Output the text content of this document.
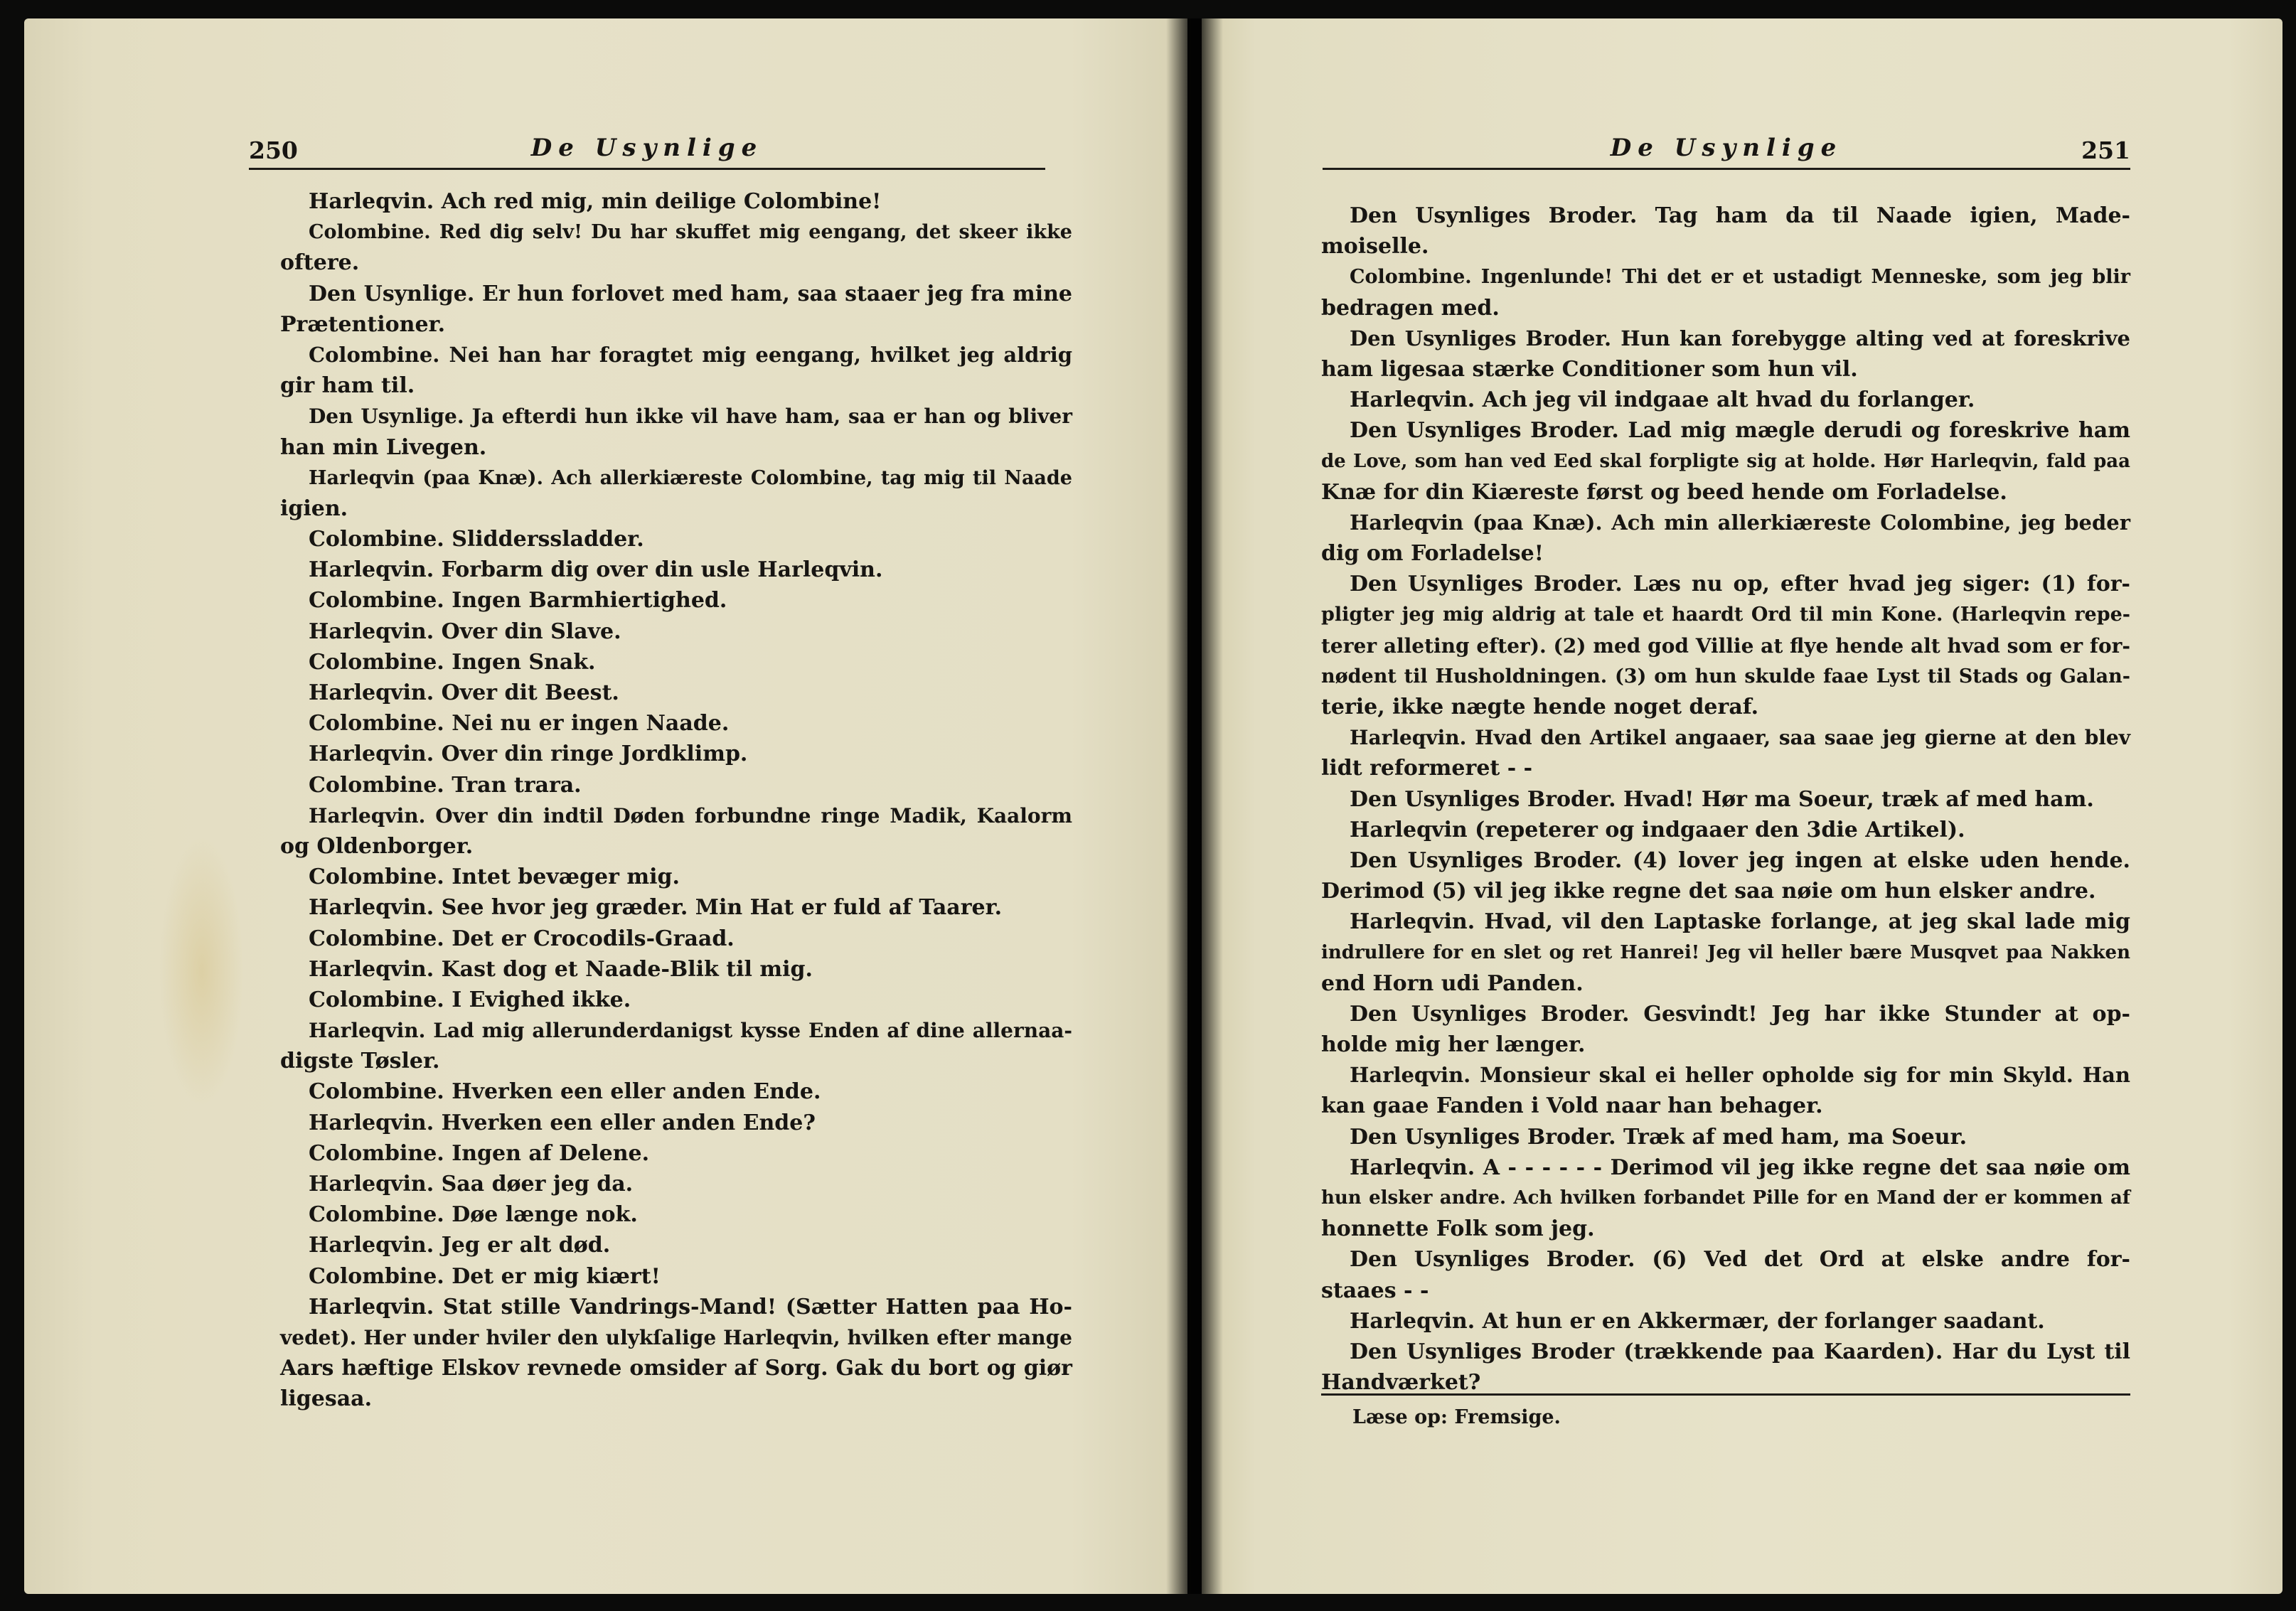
250	De Usynlige
Harleqvin. Ach red mig, min deilige Colombine!
Colombine. Red dig selv! Du har skuffet mig eengang, det skeer ikke
oftere.
Den Usynlige. Er hun forlovet med ham, saa staaer jeg fra mine
Prætentioner.
Colombine. Nei han har foragtet mig eengang, hvilket jeg aldrig
gir ham til.
Den Usynlige. Ja efterdi hun ikke vil have ham, saa er han og bliver
han min Livegen.
Harleqvin (paa Knæ). Ach allerkiæreste Colombine, tag mig til Naade
igien.
Colombine. Slidderssladder.
Harleqvin. Forbarm dig over din usle Harleqvin.
Colombine. Ingen Barmhiertighed.
Harleqvin. Over din Slave.
Colombine. Ingen Snak.
Harleqvin. Over dit Beest.
Colombine. Nei nu er ingen Naade.
Harleqvin. Over din ringe Jordklimp.
Colombine. Tran trara.
Harleqvin. Over din indtil Døden forbundne ringe Madik, Kaalorm
og Oldenborger.
Colombine. Intet bevæger mig.
Harleqvin. See hvor jeg græder. Min Hat er fuld af Taarer.
Colombine. Det er Crocodils-Graad.
Harleqvin. Kast dog et Naade-Blik til mig.
Colombine. I Evighed ikke.
Harleqvin. Lad mig allerunderdanigst kysse Enden af dine allernaa-
digste Tøsler.
Colombine. Hverken een eller anden Ende.
Harleqvin. Hverken een eller anden Ende?
Colombine. Ingen af Delene.
Harleqvin. Saa døer jeg da.
Colombine. Døe længe nok.
Harleqvin. Jeg er alt død.
Colombine. Det er mig kiært!
Harleqvin. Stat stille Vandrings-Mand! (Sætter Hatten paa Ho-
vedet). Her under hviler den ulykſalige Harleqvin, hvilken efter mange
Aars hæftige Elskov revnede omsider af Sorg. Gak du bort og giør
ligesaa.
De Usynlige	251
Den Usynliges Broder. Tag ham da til Naade igien, Made-
moiselle.
Colombine. Ingenlunde! Thi det er et ustadigt Menneske, som jeg blir
bedragen med.
Den Usynliges Broder. Hun kan forebygge alting ved at foreskrive
ham ligesaa stærke Conditioner som hun vil.
Harleqvin. Ach jeg vil indgaae alt hvad du forlanger.
Den Usynliges Broder. Lad mig mægle derudi og foreskrive ham
de Love, som han ved Eed skal forpligte sig at holde. Hør Harleqvin, fald paa
Knæ for din Kiæreste først og beed hende om Forladelse.
Harleqvin (paa Knæ). Ach min allerkiæreste Colombine, jeg beder
dig om Forladelse!
Den Usynliges Broder. Læs nu op, efter hvad jeg siger: (1) for-
pligter jeg mig aldrig at tale et haardt Ord til min Kone. (Harleqvin repe-
terer alleting efter). (2) med god Villie at flye hende alt hvad som er for-
nødent til Husholdningen. (3) om hun skulde faae Lyst til Stads og Galan-
terie, ikke nægte hende noget deraf.
Harleqvin. Hvad den Artikel angaaer, saa saae jeg gierne at den blev
lidt reformeret - -
Den Usynliges Broder. Hvad! Hør ma Soeur, træk af med ham.
Harleqvin (repeterer og indgaaer den 3die Artikel).
Den Usynliges Broder. (4) lover jeg ingen at elske uden hende.
Derimod (5) vil jeg ikke regne det saa nøie om hun elsker andre.
Harleqvin. Hvad, vil den Laptaske forlange, at jeg skal lade mig
indrullere for en slet og ret Hanrei! Jeg vil heller bære Musqvet paa Nakken
end Horn udi Panden.
Den Usynliges Broder. Gesvindt! Jeg har ikke Stunder at op-
holde mig her længer.
Harleqvin. Monsieur skal ei heller opholde sig for min Skyld. Han
kan gaae Fanden i Vold naar han behager.
Den Usynliges Broder. Træk af med ham, ma Soeur.
Harleqvin. A - - - - - - Derimod vil jeg ikke regne det saa nøie om
hun elsker andre. Ach hvilken forbandet Pille for en Mand der er kommen af
honnette Folk som jeg.
Den Usynliges Broder. (6) Ved det Ord at elske andre for-
staaes - -
Harleqvin. At hun er en Akkermær, der forlanger saadant.
Den Usynliges Broder (trækkende paa Kaarden). Har du Lyst til
Handværket?
Læse op: Fremsige.
